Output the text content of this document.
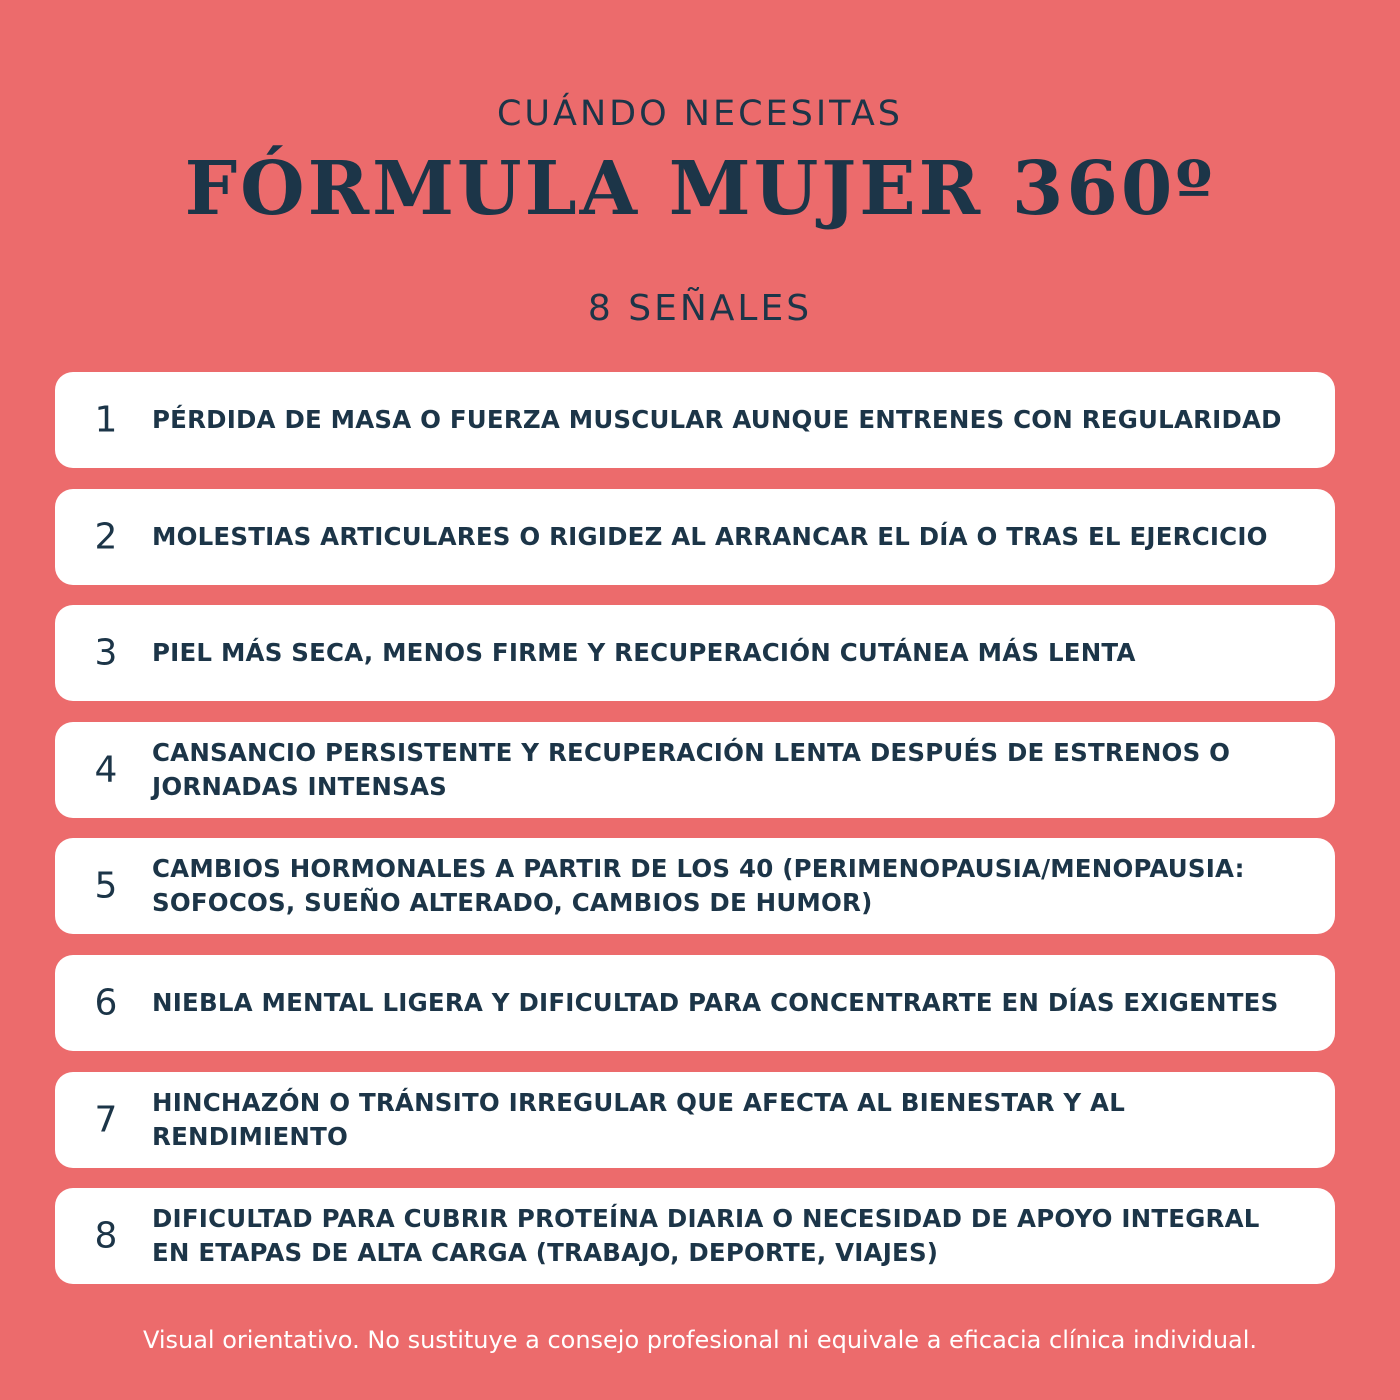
CUÁNDO NECESITAS
FÓRMULA MUJER 360º
8 SEÑALES
1 PÉRDIDA DE MASA O FUERZA MUSCULAR AUNQUE ENTRENES CON REGULARIDAD
2 MOLESTIAS ARTICULARES O RIGIDEZ AL ARRANCAR EL DÍA O TRAS EL EJERCICIO
3 PIEL MÁS SECA, MENOS FIRME Y RECUPERACIÓN CUTÁNEA MÁS LENTA
4 CANSANCIO PERSISTENTE Y RECUPERACIÓN LENTA DESPUÉS DE ESTRENOS O JORNADAS INTENSAS
5 CAMBIOS HORMONALES A PARTIR DE LOS 40 (PERIMENOPAUSIA/MENOPAUSIA: SOFOCOS, SUEÑO ALTERADO, CAMBIOS DE HUMOR)
6 NIEBLA MENTAL LIGERA Y DIFICULTAD PARA CONCENTRARTE EN DÍAS EXIGENTES
7 HINCHAZÓN O TRÁNSITO IRREGULAR QUE AFECTA AL BIENESTAR Y AL RENDIMIENTO
8 DIFICULTAD PARA CUBRIR PROTEÍNA DIARIA O NECESIDAD DE APOYO INTEGRAL EN ETAPAS DE ALTA CARGA (TRABAJO, DEPORTE, VIAJES)
Visual orientativo. No sustituye a consejo profesional ni equivale a eficacia clínica individual.
